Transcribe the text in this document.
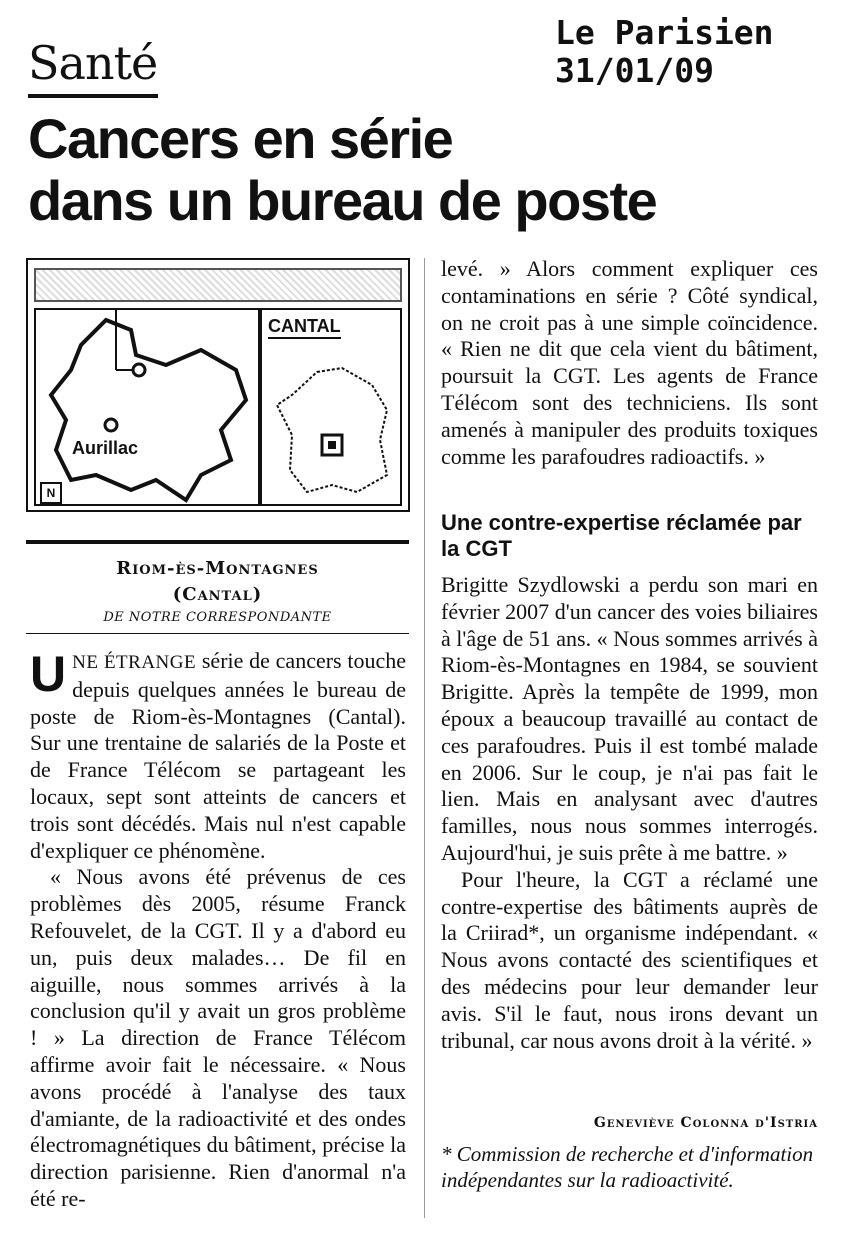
Santé
Le Parisien
31/01/09
Cancers en série
dans un bureau de poste
Aurillac
N
CANTAL
Riom-ès-Montagnes
(Cantal)
DE NOTRE CORRESPONDANTE

UNE ÉTRANGE série de cancers touche depuis quelques années le bureau de poste de Riom-ès-Montagnes (Cantal). Sur une trentaine de salariés de la Poste et de France Télécom se partageant les locaux, sept sont atteints de cancers et trois sont décédés. Mais nul n'est capable d'expliquer ce phénomène.

« Nous avons été prévenus de ces problèmes dès 2005, résume Franck Refouvelet, de la CGT. Il y a d'abord eu un, puis deux malades… De fil en aiguille, nous sommes arrivés à la conclusion qu'il y avait un gros problème ! » La direction de France Télécom affirme avoir fait le nécessaire. « Nous avons procédé à l'analyse des taux d'amiante, de la radioactivité et des ondes électromagnétiques du bâtiment, précise la direction parisienne. Rien d'anormal n'a été re-

levé. » Alors comment expliquer ces contaminations en série ? Côté syndical, on ne croit pas à une simple coïncidence. « Rien ne dit que cela vient du bâtiment, poursuit la CGT. Les agents de France Télécom sont des techniciens. Ils sont amenés à manipuler des produits toxiques comme les parafoudres radioactifs. »

Une contre-expertise réclamée par la CGT

Brigitte Szydlowski a perdu son mari en février 2007 d'un cancer des voies biliaires à l'âge de 51 ans. « Nous sommes arrivés à Riom-ès-Montagnes en 1984, se souvient Brigitte. Après la tempête de 1999, mon époux a beaucoup travaillé au contact de ces parafoudres. Puis il est tombé malade en 2006. Sur le coup, je n'ai pas fait le lien. Mais en analysant avec d'autres familles, nous nous sommes interrogés. Aujourd'hui, je suis prête à me battre. »

Pour l'heure, la CGT a réclamé une contre-expertise des bâtiments auprès de la Criirad*, un organisme indépendant. « Nous avons contacté des scientifiques et des médecins pour leur demander leur avis. S'il le faut, nous irons devant un tribunal, car nous avons droit à la vérité. »

Geneviève Colonna d'Istria
* Commission de recherche et d'information indépendantes sur la radioactivité.
